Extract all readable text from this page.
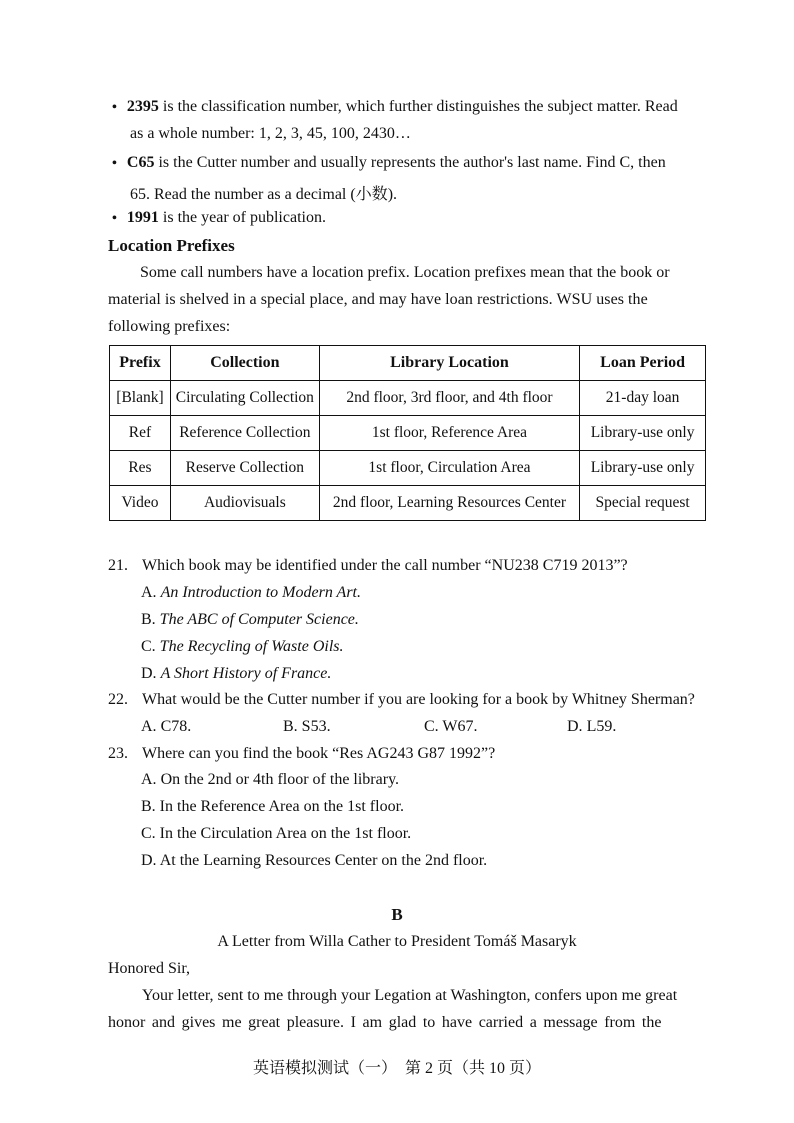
• 2395 is the classification number, which further distinguishes the subject matter. Read
as a whole number: 1, 2, 3, 45, 100, 2430…
• C65 is the Cutter number and usually represents the author's last name. Find C, then
65. Read the number as a decimal (小数).
• 1991 is the year of publication.
Location Prefixes
Some call numbers have a location prefix. Location prefixes mean that the book or
material is shelved in a special place, and may have loan restrictions. WSU uses the
following prefixes:
Prefix	Collection	Library Location	Loan Period
[Blank]	Circulating Collection	2nd floor, 3rd floor, and 4th floor	21-day loan
Ref	Reference Collection	1st floor, Reference Area	Library-use only
Res	Reserve Collection	1st floor, Circulation Area	Library-use only
Video	Audiovisuals	2nd floor, Learning Resources Center	Special request
21. Which book may be identified under the call number “NU238 C719 2013”?
A. An Introduction to Modern Art.
B. The ABC of Computer Science.
C. The Recycling of Waste Oils.
D. A Short History of France.
22. What would be the Cutter number if you are looking for a book by Whitney Sherman?
A. C78.	B. S53.	C. W67.	D. L59.
23. Where can you find the book “Res AG243 G87 1992”?
A. On the 2nd or 4th floor of the library.
B. In the Reference Area on the 1st floor.
C. In the Circulation Area on the 1st floor.
D. At the Learning Resources Center on the 2nd floor.
B
A Letter from Willa Cather to President Tomáš Masaryk
Honored Sir,
Your letter, sent to me through your Legation at Washington, confers upon me great
honor and gives me great pleasure. I am glad to have carried a message from the
英语模拟测试（一）　第 2 页（共 10 页）
